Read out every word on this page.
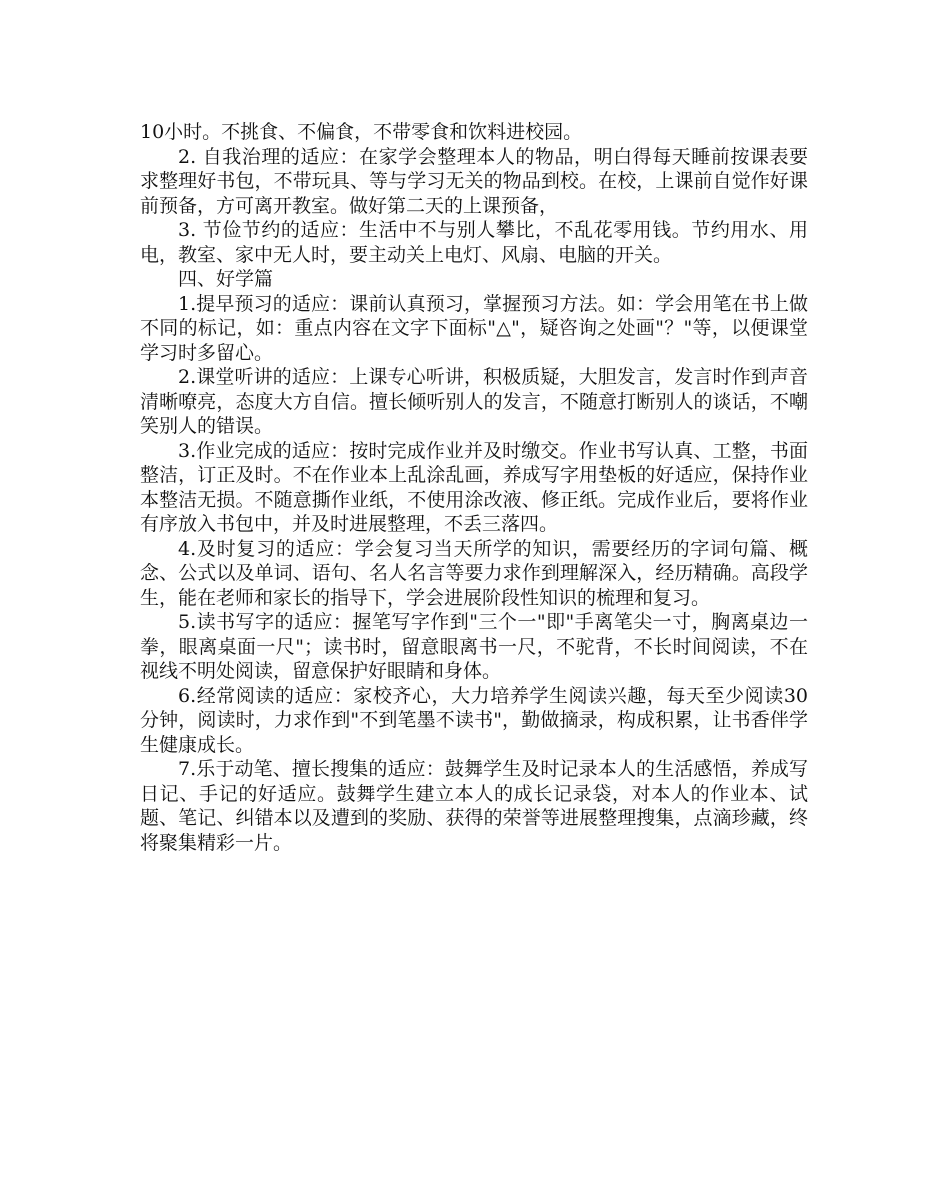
10小时。不挑食、不偏食，不带零食和饮料进校园。

2. 自我治理的适应：在家学会整理本人的物品，明白得每天睡前按课表要求整理好书包，不带玩具、等与学习无关的物品到校。在校，上课前自觉作好课前预备，方可离开教室。做好第二天的上课预备，

3. 节俭节约的适应：生活中不与别人攀比，不乱花零用钱。节约用水、用电，教室、家中无人时，要主动关上电灯、风扇、电脑的开关。

四、好学篇

1.提早预习的适应：课前认真预习，掌握预习方法。如：学会用笔在书上做不同的标记，如：重点内容在文字下面标"△"，疑咨询之处画"？"等，以便课堂学习时多留心。

2.课堂听讲的适应：上课专心听讲，积极质疑，大胆发言，发言时作到声音清晰嘹亮，态度大方自信。擅长倾听别人的发言，不随意打断别人的谈话，不嘲笑别人的错误。

3.作业完成的适应：按时完成作业并及时缴交。作业书写认真、工整，书面整洁，订正及时。不在作业本上乱涂乱画，养成写字用垫板的好适应，保持作业本整洁无损。不随意撕作业纸，不使用涂改液、修正纸。完成作业后，要将作业有序放入书包中，并及时进展整理，不丢三落四。

4.及时复习的适应：学会复习当天所学的知识，需要经历的字词句篇、概念、公式以及单词、语句、名人名言等要力求作到理解深入，经历精确。高段学生，能在老师和家长的指导下，学会进展阶段性知识的梳理和复习。

5.读书写字的适应：握笔写字作到"三个一"即"手离笔尖一寸，胸离桌边一拳，眼离桌面一尺"；读书时，留意眼离书一尺，不驼背，不长时间阅读，不在视线不明处阅读，留意保护好眼睛和身体。

6.经常阅读的适应：家校齐心，大力培养学生阅读兴趣，每天至少阅读30分钟，阅读时，力求作到"不到笔墨不读书"，勤做摘录，构成积累，让书香伴学生健康成长。

7.乐于动笔、擅长搜集的适应：鼓舞学生及时记录本人的生活感悟，养成写日记、手记的好适应。鼓舞学生建立本人的成长记录袋，对本人的作业本、试题、笔记、纠错本以及遭到的奖励、获得的荣誉等进展整理搜集，点滴珍藏，终将聚集精彩一片。
